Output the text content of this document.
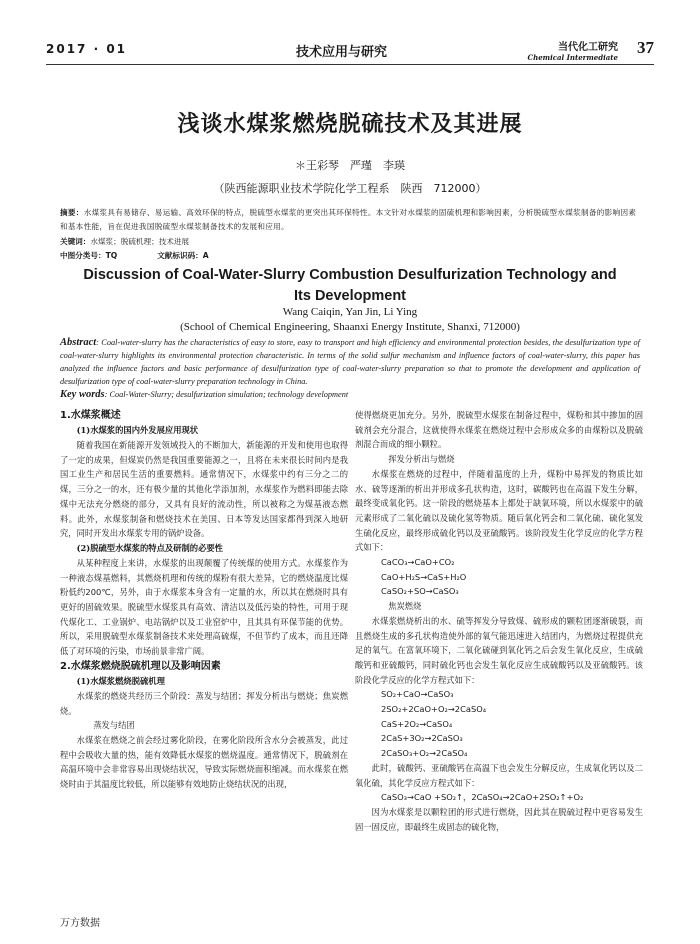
2017 · 01	技术应用与研究	当代化工研究
Chemical Intermediate
37
浅谈水煤浆燃烧脱硫技术及其进展
＊王彩琴　严瑾　李瑛
（陕西能源职业技术学院化学工程系　陕西　712000）
摘要：水煤浆具有易储存、易运输、高效环保的特点，脱硫型水煤浆的更突出其环保特性。本文针对水煤浆的固硫机理和影响因素，分析脱硫型水煤浆制备的影响因素和基本性能，旨在促进我国脱硫型水煤浆制备技术的发展和应用。
关键词：水煤浆；脱硫机理；技术进展
中图分类号：TQ	文献标识码：A
Discussion of Coal-Water-Slurry Combustion Desulfurization Technology and Its Development
Wang Caiqin, Yan Jin, Li Ying
(School of Chemical Engineering, Shaanxi Energy Institute, Shanxi, 712000)
Abstract: Coal-water-slurry has the characteristics of easy to store, easy to transport and high efficiency and environmental protection besides, the desulfurization type of coal-water-slurry highlights its environmental protection characteristic. In terms of the solid sulfur mechanism and influence factors of coal-water-slurry, this paper has analyzed the influence factors and basic performance of desulfurization type of coal-water-slurry preparation so that to promote the development and application of desulfurization type of coal-water-slurry preparation technology in China.
Key words: Coal-Water-Slurry; desulfurization simulation; technology development
1.水煤浆概述
(1)水煤浆的国内外发展应用现状

随着我国在新能源开发领域投入的不断加大，新能源的开发和使用也取得了一定的成果，但煤炭仍然是我国重要能源之一，且将在未来很长时间内是我国工业生产和居民生活的重要燃料。通常情况下，水煤浆中约有三分之二的煤，三分之一的水，还有极少量的其他化学添加剂，水煤浆作为燃料即能去除煤中无法充分燃烧的部分，又具有良好的流动性，所以被称之为煤基液态燃料。此外，水煤浆制备和燃烧技术在美国、日本等发达国家都得到深入地研究，同时开发出水煤浆专用的锅炉设备。

(2)脱硫型水煤浆的特点及研制的必要性

从某种程度上来讲，水煤浆的出现颠覆了传统煤的使用方式。水煤浆作为一种液态煤基燃料，其燃烧机理和传统的煤粉有很大差异，它的燃烧温度比煤粉低约200℃，另外，由于水煤浆本身含有一定量的水，所以其在燃烧时具有更好的固硫效果。脱硫型水煤浆具有高效、清洁以及低污染的特性，可用于现代煤化工、工业锅炉、电站锅炉以及工业窑炉中，且其具有环保节能的优势。所以，采用脱硫型水煤浆制备技术来处理高硫煤，不但节约了成本，而且还降低了对环境的污染，市场前景非常广阔。

2.水煤浆燃烧脱硫机理以及影响因素
(1)水煤浆燃烧脱硫机理

水煤浆的燃烧共经历三个阶段：蒸发与结团；挥发分析出与燃烧；焦炭燃烧。

蒸发与结团

水煤浆在燃烧之前会经过雾化阶段，在雾化阶段所含水分会被蒸发，此过程中会吸收大量的热，能有效降低水煤浆的燃烧温度。通常情况下，脱硫剂在高温环境中会非常容易出现烧结状况，导致实际燃烧面积缩减。而水煤浆在燃烧时由于其温度比较低，所以能够有效地防止烧结状况的出现，

使得燃烧更加充分。另外，脱硫型水煤浆在制备过程中，煤粉和其中掺加的固硫剂会充分混合，这就使得水煤浆在燃烧过程中会形成众多的由煤粉以及脱硫剂混合而成的细小颗粒。

挥发分析出与燃烧

水煤浆在燃烧的过程中，伴随着温度的上升，煤粉中易挥发的物质比如水、硫等逐渐的析出并形成多孔状构造，这时，碳酸钙也在高温下发生分解，最终变成氧化钙。这一阶段的燃烧基本上都处于缺氧环境，所以水煤浆中的硫元素形成了二氧化硫以及硫化氢等物质。随后氧化钙会和二氧化硫、硫化氢发生硫化反应，最终形成硫化钙以及亚硫酸钙。该阶段发生化学反应的化学方程式如下：

CaCO₃→CaO+CO₂
CaO+H₂S→CaS+H₂O
CaSO₂+SO→CaSO₃

焦炭燃烧

水煤浆燃烧析出的水、硫等挥发分导致煤、硫形成的颗粒团逐渐破裂，而且燃烧生成的多孔状构造使外部的氧气能迅速进入结团内，为燃烧过程提供充足的氧气。在富氧环境下，二氧化硫碰到氧化钙之后会发生氧化反应，生成硫酸钙和亚硫酸钙，同时硫化钙也会发生氧化反应生成硫酸钙以及亚硫酸钙。该阶段化学反应的化学方程式如下：

SO₂+CaO→CaSO₃
2SO₂+2CaO+O₂→2CaSO₄
CaS+2O₂→CaSO₄
2CaS+3O₂→2CaSO₃
2CaSO₃+O₂→2CaSO₄

此时，硫酸钙、亚硫酸钙在高温下也会发生分解反应，生成氧化钙以及二氧化硫，其化学反应方程式如下：

CaSO₃→CaO +SO₂↑，2CaSO₄→2CaO+2SO₂↑+O₂

因为水煤浆是以颗粒团的形式进行燃烧，因此其在脱硫过程中更容易发生固一固反应，即最终生成固态的硫化物，

万方数据
